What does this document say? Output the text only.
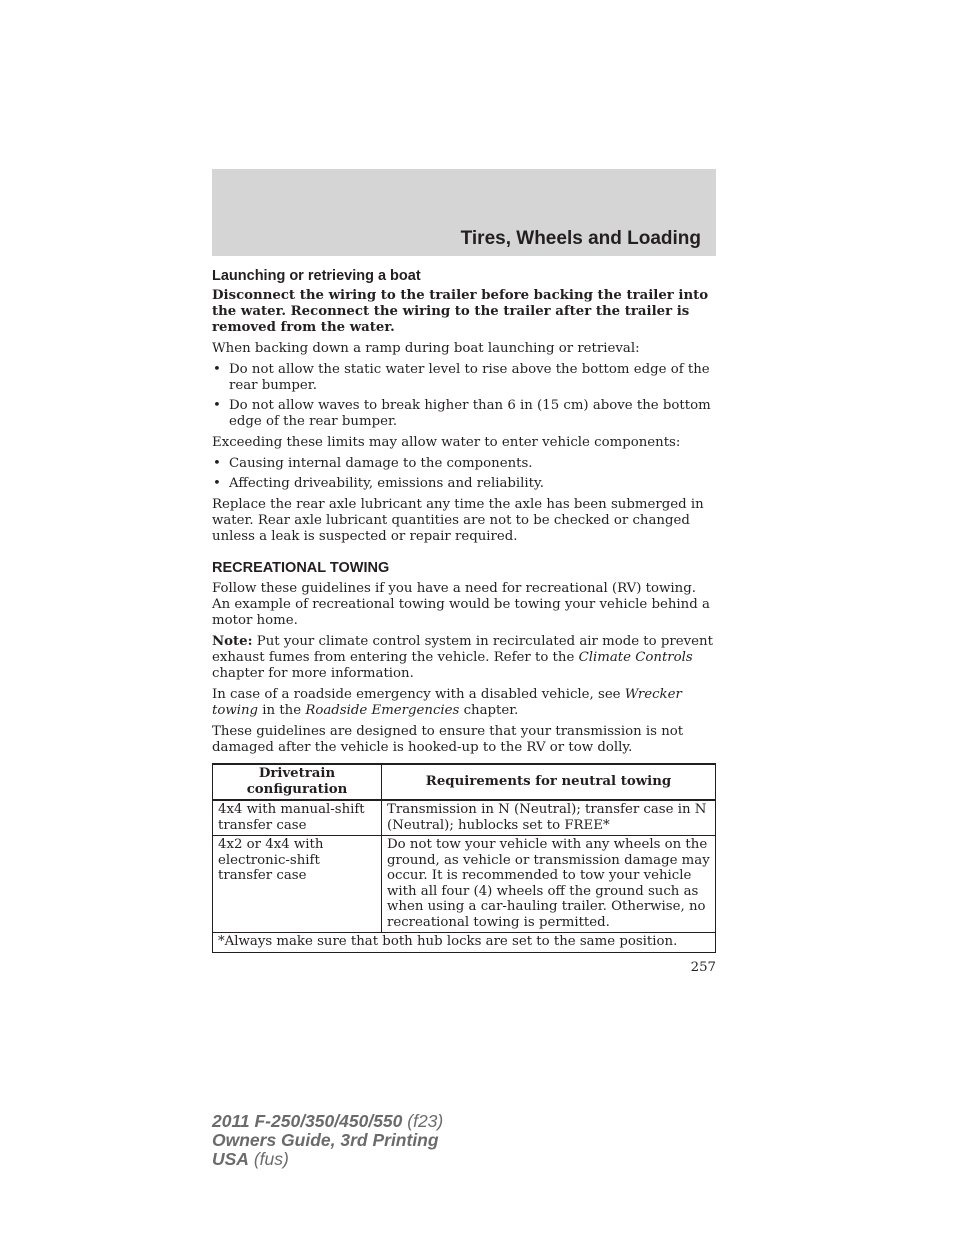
Tires, Wheels and Loading
Launching or retrieving a boat

Disconnect the wiring to the trailer before backing the trailer into the water. Reconnect the wiring to the trailer after the trailer is removed from the water.

When backing down a ramp during boat launching or retrieval:

• Do not allow the static water level to rise above the bottom edge of the rear bumper.
• Do not allow waves to break higher than 6 in (15 cm) above the bottom edge of the rear bumper.

Exceeding these limits may allow water to enter vehicle components:

• Causing internal damage to the components.
• Affecting driveability, emissions and reliability.

Replace the rear axle lubricant any time the axle has been submerged in water. Rear axle lubricant quantities are not to be checked or changed unless a leak is suspected or repair required.

RECREATIONAL TOWING

Follow these guidelines if you have a need for recreational (RV) towing. An example of recreational towing would be towing your vehicle behind a motor home.

Note: Put your climate control system in recirculated air mode to prevent exhaust fumes from entering the vehicle. Refer to the Climate Controls chapter for more information.

In case of a roadside emergency with a disabled vehicle, see Wrecker towing in the Roadside Emergencies chapter.

These guidelines are designed to ensure that your transmission is not damaged after the vehicle is hooked-up to the RV or tow dolly.

Drivetrain configuration	Requirements for neutral towing
4x4 with manual-shift transfer case	Transmission in N (Neutral); transfer case in N (Neutral); hublocks set to FREE*
4x2 or 4x4 with electronic-shift transfer case	Do not tow your vehicle with any wheels on the ground, as vehicle or transmission damage may occur. It is recommended to tow your vehicle with all four (4) wheels off the ground such as when using a car-hauling trailer. Otherwise, no recreational towing is permitted.
*Always make sure that both hub locks are set to the same position.	
257
2011 F-250/350/450/550 (f23)
Owners Guide, 3rd Printing
USA (fus)
